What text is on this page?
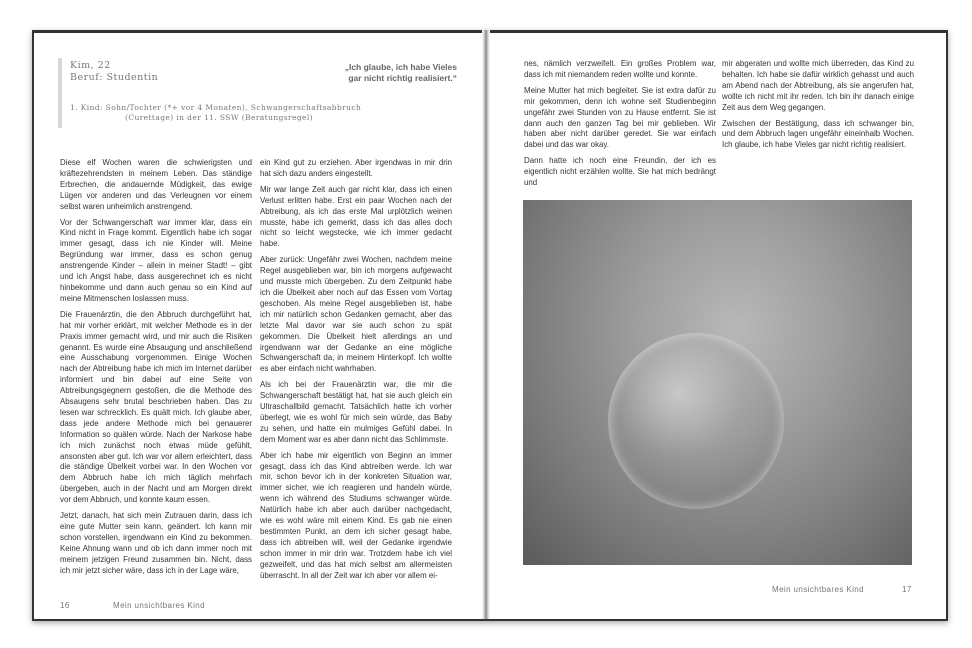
Kim, 22
Beruf: Studentin
„Ich glaube, ich habe Vieles
gar nicht richtig realisiert.“
1. Kind: Sohn/Tochter (*+ vor 4 Monaten), Schwangerschaftsabbruch
(Curettage) in der 11. SSW (Beratungsregel)

Diese elf Wochen waren die schwierigsten und kräftezehrendsten in meinem Leben. Das ständige Erbrechen, die andauernde Müdigkeit, das ewige Lügen vor anderen und das Verleugnen vor einem selbst waren unheimlich anstrengend.

Vor der Schwangerschaft war immer klar, dass ein Kind nicht in Frage kommt. Eigentlich habe ich sogar immer gesagt, dass ich nie Kinder will. Meine Begründung war immer, dass es schon genug anstrengende Kinder – allein in meiner Stadt! – gibt und ich Angst habe, dass ausgerechnet ich es nicht hinbekomme und dann auch genau so ein Kind auf meine Mitmenschen loslassen muss.

Die Frauenärztin, die den Abbruch durchgeführt hat, hat mir vorher erklärt, mit welcher Methode es in der Praxis immer gemacht wird, und mir auch die Risiken genannt. Es wurde eine Absaugung und anschließend eine Ausschabung vorgenommen. Einige Wochen nach der Abtreibung habe ich mich im Internet darüber informiert und bin dabei auf eine Seite von Abtreibungsgegnern gestoßen, die die Methode des Absaugens sehr brutal beschrieben haben. Das zu lesen war schrecklich. Es quält mich. Ich glaube aber, dass jede andere Methode mich bei genauerer Information so quälen würde. Nach der Narkose habe ich mich zunächst noch etwas müde gefühlt, ansonsten aber gut. Ich war vor allem erleichtert, dass die ständige Übelkeit vorbei war. In den Wochen vor dem Abbruch habe ich mich täglich mehrfach übergeben, auch in der Nacht und am Morgen direkt vor dem Abbruch, und konnte kaum essen.

Jetzt, danach, hat sich mein Zutrauen darin, dass ich eine gute Mutter sein kann, geändert. Ich kann mir schon vorstellen, irgendwann ein Kind zu bekommen. Keine Ahnung wann und ob ich dann immer noch mit meinem jetzigen Freund zusammen bin. Nicht, dass ich mir jetzt sicher wäre, dass ich in der Lage wäre,

ein Kind gut zu erziehen. Aber irgendwas in mir drin hat sich dazu anders eingestellt.

Mir war lange Zeit auch gar nicht klar, dass ich einen Verlust erlitten habe. Erst ein paar Wochen nach der Abtreibung, als ich das erste Mal urplötzlich weinen musste, habe ich gemerkt, dass ich das alles doch nicht so leicht wegstecke, wie ich immer gedacht habe.

Aber zurück: Ungefähr zwei Wochen, nachdem meine Regel ausgeblieben war, bin ich morgens aufgewacht und musste mich übergeben. Zu dem Zeitpunkt habe ich die Übelkeit aber noch auf das Essen vom Vortag geschoben. Als meine Regel ausgeblieben ist, habe ich mir natürlich schon Gedanken gemacht, aber das letzte Mal davor war sie auch schon zu spät gekommen. Die Übelkeit hielt allerdings an und irgendwann war der Gedanke an eine mögliche Schwangerschaft da, in meinem Hinterkopf. Ich wollte es aber einfach nicht wahrhaben.

Als ich bei der Frauenärztin war, die mir die Schwangerschaft bestätigt hat, hat sie auch gleich ein Ultraschallbild gemacht. Tatsächlich hatte ich vorher überlegt, wie es wohl für mich sein würde, das Baby zu sehen, und hatte ein mulmiges Gefühl dabei. In dem Moment war es aber dann nicht das Schlimmste.

Aber ich habe mir eigentlich von Beginn an immer gesagt, dass ich das Kind abtreiben werde. Ich war mir, schon bevor ich in der konkreten Situation war, immer sicher, wie ich reagieren und handeln würde, wenn ich während des Studiums schwanger würde. Natürlich habe ich aber auch darüber nachgedacht, wie es wohl wäre mit einem Kind. Es gab nie einen bestimmten Punkt, an dem ich sicher gesagt habe, dass ich abtreiben will, weil der Gedanke irgendwie schon immer in mir drin war. Trotzdem habe ich viel gezweifelt, und das hat mich selbst am allermeisten überrascht. In all der Zeit war ich aber vor allem ei-

16	Mein unsichtbares Kind

nes, nämlich verzweifelt. Ein großes Problem war, dass ich mit niemandem reden wollte und konnte.

Meine Mutter hat mich begleitet. Sie ist extra dafür zu mir gekommen, denn ich wohne seit Studienbeginn ungefähr zwei Stunden von zu Hause entfernt. Sie ist dann auch den ganzen Tag bei mir geblieben. Wir haben aber nicht darüber geredet. Sie war einfach dabei und das war okay.

Dann hatte ich noch eine Freundin, der ich es eigentlich nicht erzählen wollte. Sie hat mich bedrängt und

mir abgeraten und wollte mich überreden, das Kind zu behalten. Ich habe sie dafür wirklich gehasst und auch am Abend nach der Abtreibung, als sie angerufen hat, wollte ich nicht mit ihr reden. Ich bin ihr danach einige Zeit aus dem Weg gegangen.

Zwischen der Bestätigung, dass ich schwanger bin, und dem Abbruch lagen ungefähr eineinhalb Wochen. Ich glaube, ich habe Vieles gar nicht richtig realisiert.

Mein unsichtbares Kind	17
